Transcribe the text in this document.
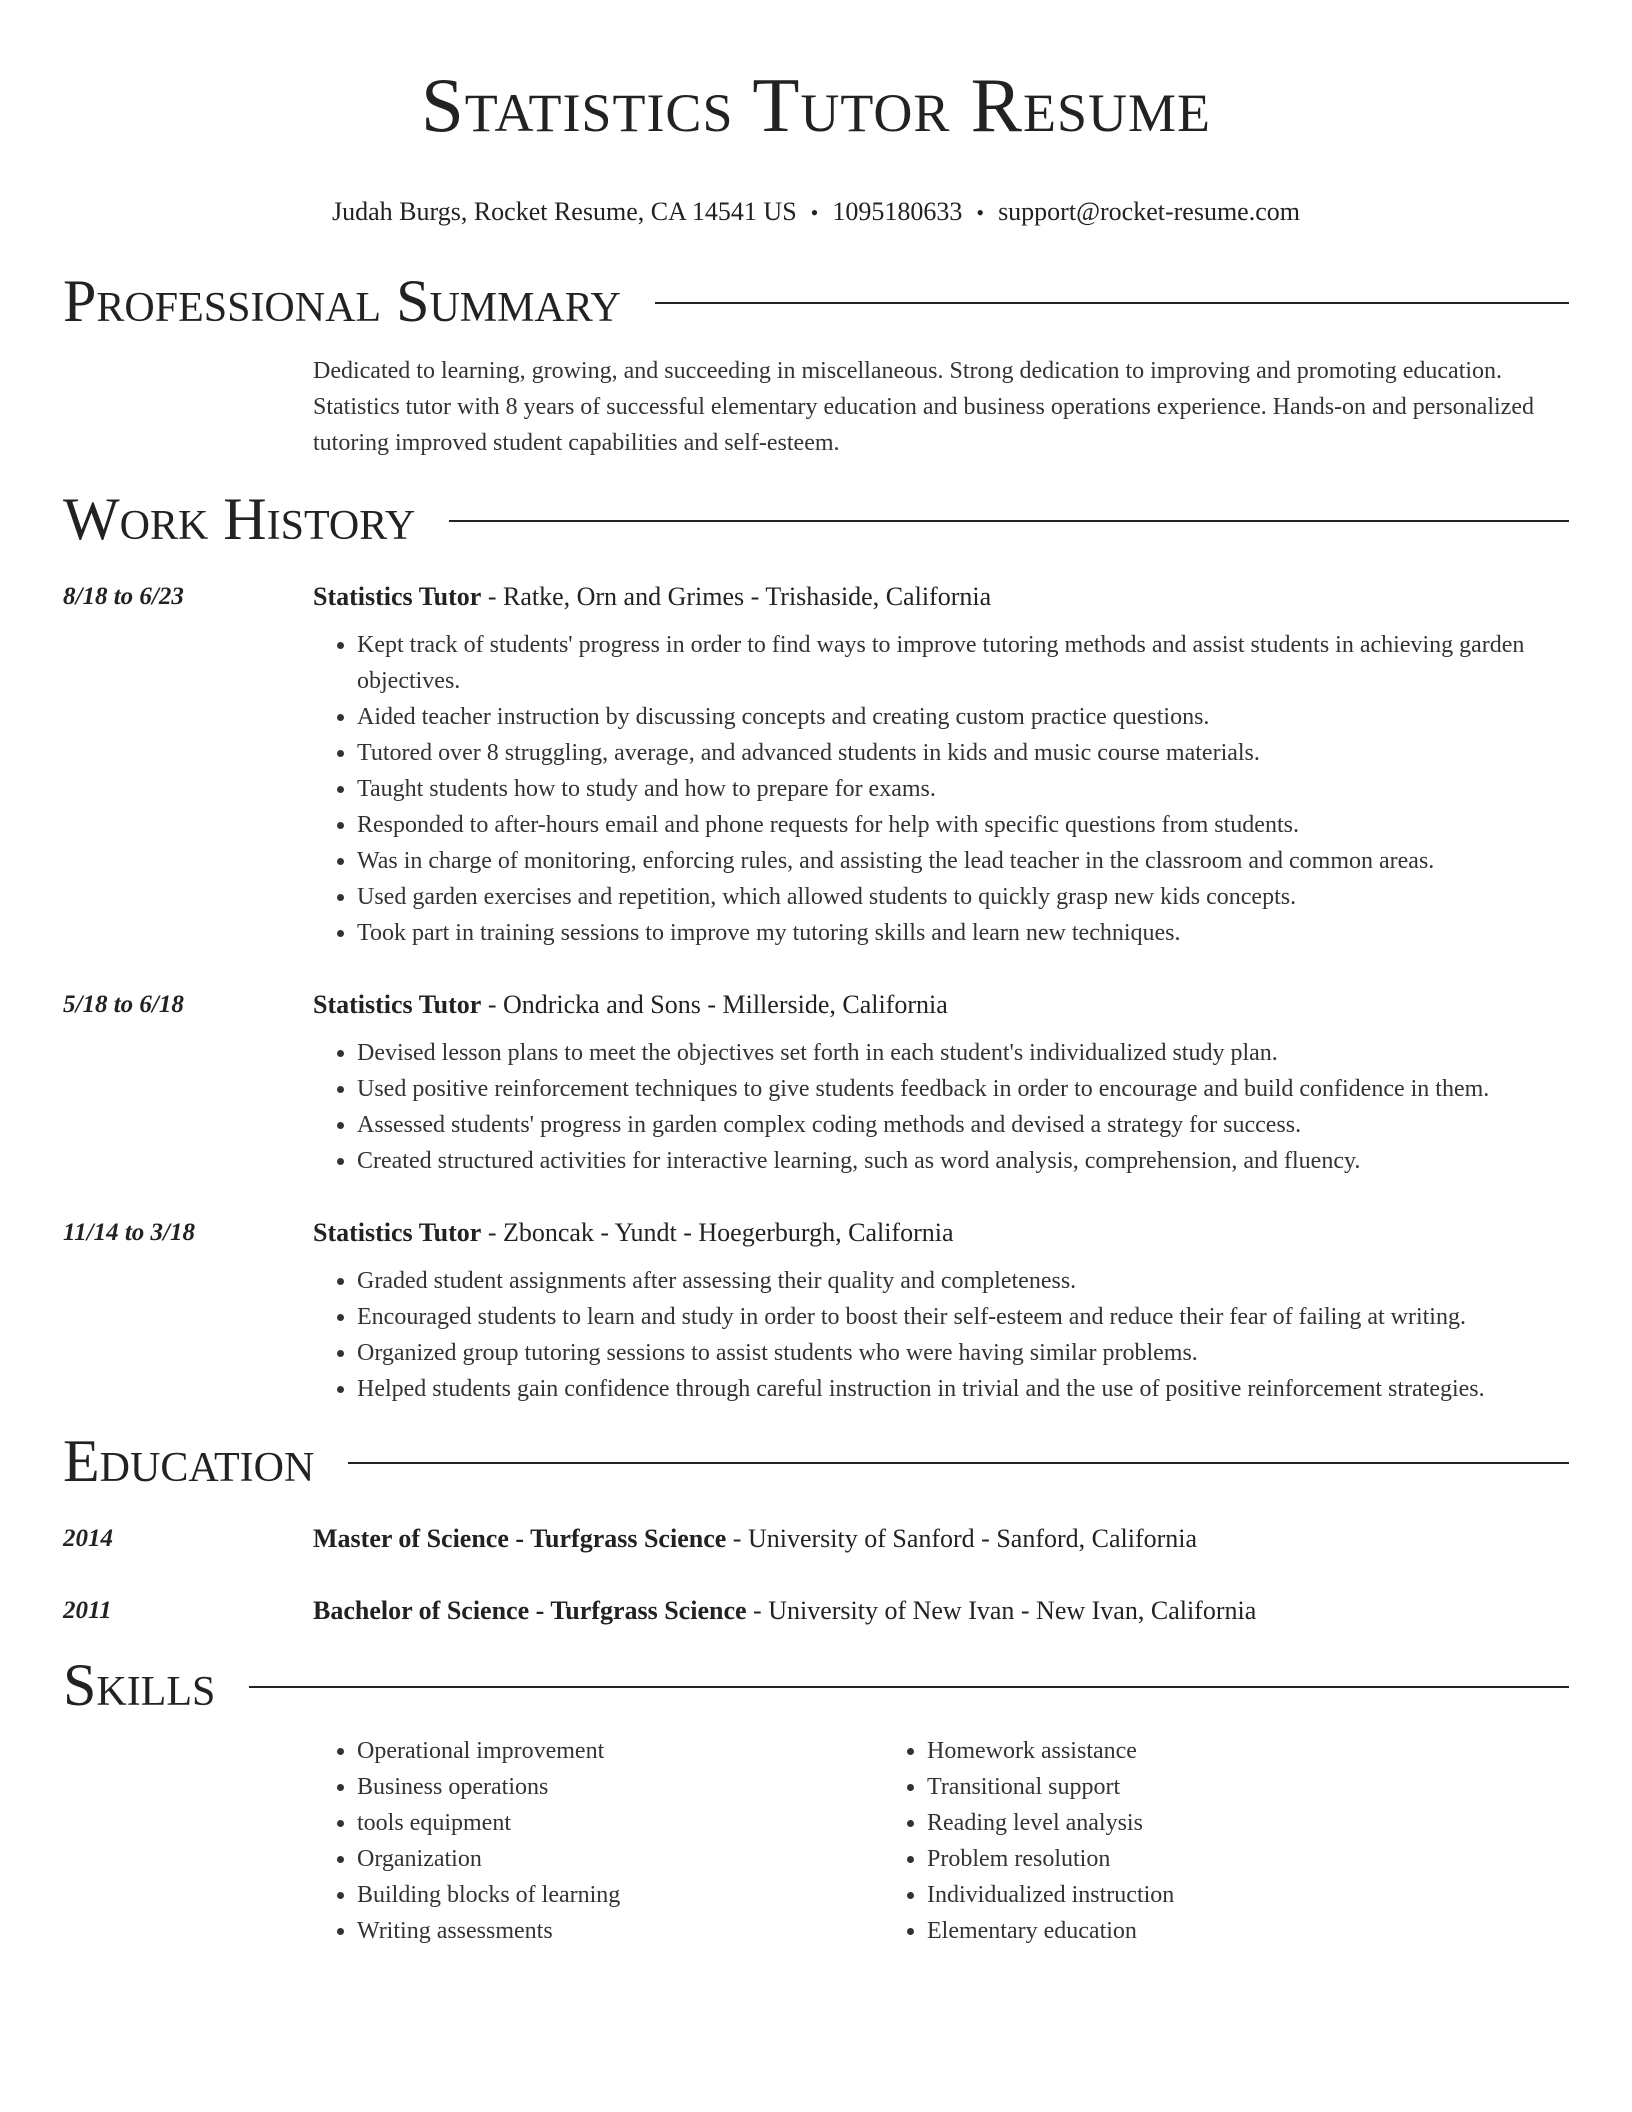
Statistics Tutor Resume
Judah Burgs, Rocket Resume, CA 14541 US • 1095180633 • support@rocket-resume.com
Professional Summary
Dedicated to learning, growing, and succeeding in miscellaneous. Strong dedication to improving and promoting education. Statistics tutor with 8 years of successful elementary education and business operations experience. Hands-on and personalized tutoring improved student capabilities and self-esteem.
Work History
8/18 to 6/23	Statistics Tutor - Ratke, Orn and Grimes - Trishaside, California
• Kept track of students' progress in order to find ways to improve tutoring methods and assist students in achieving garden objectives.
• Aided teacher instruction by discussing concepts and creating custom practice questions.
• Tutored over 8 struggling, average, and advanced students in kids and music course materials.
• Taught students how to study and how to prepare for exams.
• Responded to after-hours email and phone requests for help with specific questions from students.
• Was in charge of monitoring, enforcing rules, and assisting the lead teacher in the classroom and common areas.
• Used garden exercises and repetition, which allowed students to quickly grasp new kids concepts.
• Took part in training sessions to improve my tutoring skills and learn new techniques.
5/18 to 6/18	Statistics Tutor - Ondricka and Sons - Millerside, California
• Devised lesson plans to meet the objectives set forth in each student's individualized study plan.
• Used positive reinforcement techniques to give students feedback in order to encourage and build confidence in them.
• Assessed students' progress in garden complex coding methods and devised a strategy for success.
• Created structured activities for interactive learning, such as word analysis, comprehension, and fluency.
11/14 to 3/18	Statistics Tutor - Zboncak - Yundt - Hoegerburgh, California
• Graded student assignments after assessing their quality and completeness.
• Encouraged students to learn and study in order to boost their self-esteem and reduce their fear of failing at writing.
• Organized group tutoring sessions to assist students who were having similar problems.
• Helped students gain confidence through careful instruction in trivial and the use of positive reinforcement strategies.
Education
2014	Master of Science - Turfgrass Science - University of Sanford - Sanford, California
2011	Bachelor of Science - Turfgrass Science - University of New Ivan - New Ivan, California
Skills
• Operational improvement
• Business operations
• tools equipment
• Organization
• Building blocks of learning
• Writing assessments
• Homework assistance
• Transitional support
• Reading level analysis
• Problem resolution
• Individualized instruction
• Elementary education
